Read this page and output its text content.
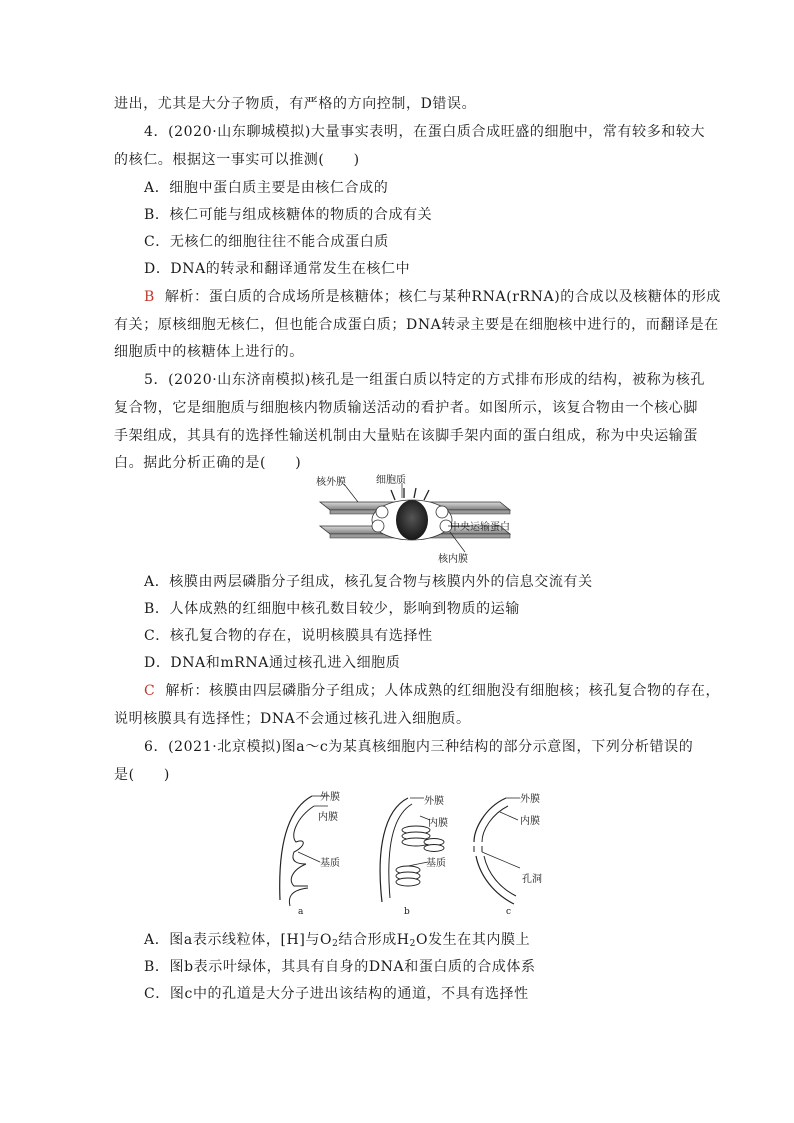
进出，尤其是大分子物质，有严格的方向控制，D错误。
4．(2020·山东聊城模拟)大量事实表明，在蛋白质合成旺盛的细胞中，常有较多和较大
的核仁。根据这一事实可以推测(　　)
A．细胞中蛋白质主要是由核仁合成的
B．核仁可能与组成核糖体的物质的合成有关
C．无核仁的细胞往往不能合成蛋白质
D．DNA的转录和翻译通常发生在核仁中
B 解析：蛋白质的合成场所是核糖体；核仁与某种RNA(rRNA)的合成以及核糖体的形成
有关；原核细胞无核仁，但也能合成蛋白质；DNA转录主要是在细胞核中进行的，而翻译是在
细胞质中的核糖体上进行的。
5．(2020·山东济南模拟)核孔是一组蛋白质以特定的方式排布形成的结构，被称为核孔
复合物，它是细胞质与细胞核内物质输送活动的看护者。如图所示，该复合物由一个核心脚
手架组成，其具有的选择性输送机制由大量贴在该脚手架内面的蛋白组成，称为中央运输蛋
白。据此分析正确的是(　　)
核外膜	细胞质
中央运输蛋白
核内膜
A．核膜由两层磷脂分子组成，核孔复合物与核膜内外的信息交流有关
B．人体成熟的红细胞中核孔数目较少，影响到物质的运输
C．核孔复合物的存在，说明核膜具有选择性
D．DNA和mRNA通过核孔进入细胞质
C 解析：核膜由四层磷脂分子组成；人体成熟的红细胞没有细胞核；核孔复合物的存在，
说明核膜具有选择性；DNA不会通过核孔进入细胞质。
6．(2021·北京模拟)图a～c为某真核细胞内三种结构的部分示意图，下列分析错误的
是(　　)
外膜
内膜
基质
a
外膜
内膜
基质
b
外膜
内膜
孔洞
c
A．图a表示线粒体，[H]与$O_2$结合形成$H_2O$发生在其内膜上
B．图b表示叶绿体，其具有自身的DNA和蛋白质的合成体系
C．图c中的孔道是大分子进出该结构的通道，不具有选择性
